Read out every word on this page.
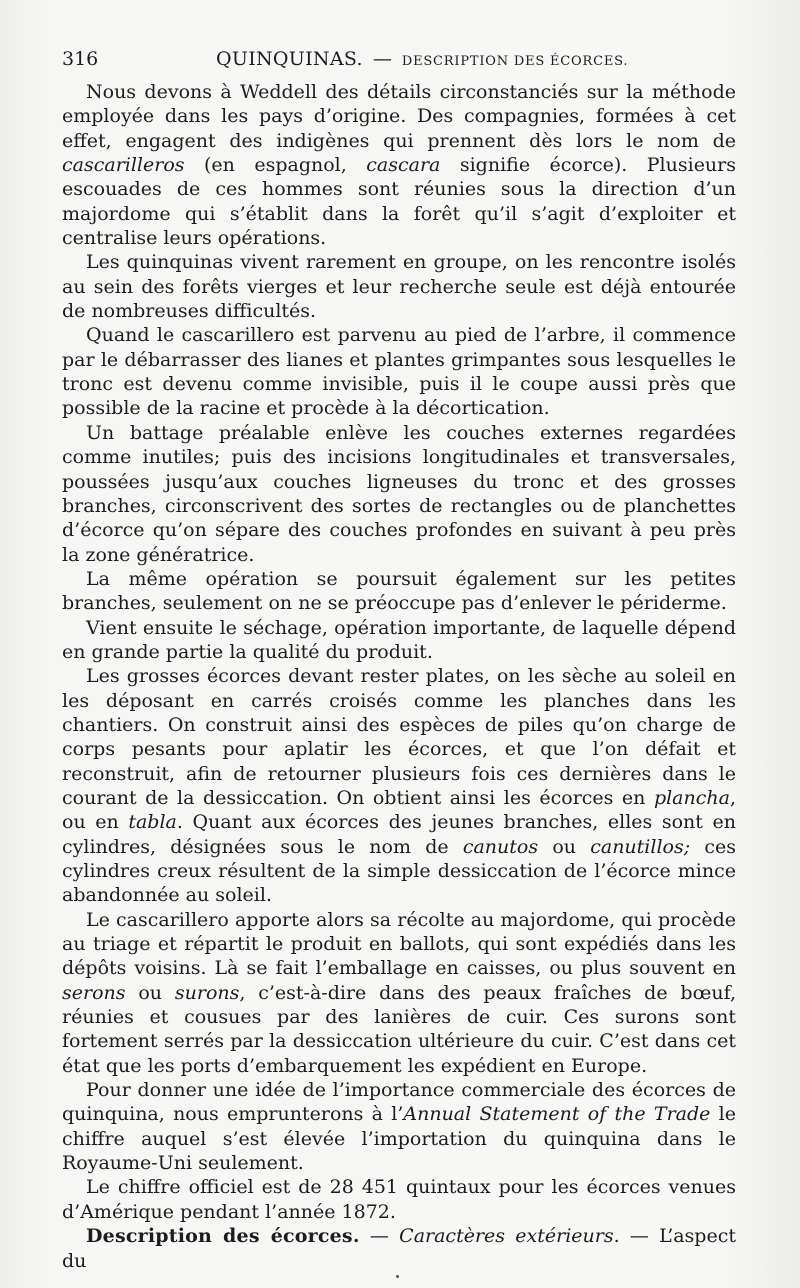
316	QUINQUINAS. — DESCRIPTION DES ÉCORCES.

Nous devons à Weddell des détails circonstanciés sur la méthode employée dans les pays d’origine. Des compagnies, formées à cet effet, engagent des indigènes qui prennent dès lors le nom de cascarilleros (en espagnol, cascara signifie écorce). Plusieurs escouades de ces hommes sont réunies sous la direction d’un majordome qui s’établit dans la forêt qu’il s’agit d’exploiter et centralise leurs opérations.

Les quinquinas vivent rarement en groupe, on les rencontre isolés au sein des forêts vierges et leur recherche seule est déjà entourée de nombreuses difficultés.

Quand le cascarillero est parvenu au pied de l’arbre, il commence par le débarrasser des lianes et plantes grimpantes sous lesquelles le tronc est devenu comme invisible, puis il le coupe aussi près que possible de la racine et procède à la décortication.

Un battage préalable enlève les couches externes regardées comme inutiles; puis des incisions longitudinales et transversales, poussées jusqu’aux couches ligneuses du tronc et des grosses branches, circonscrivent des sortes de rectangles ou de planchettes d’écorce qu’on sépare des couches profondes en suivant à peu près la zone génératrice.

La même opération se poursuit également sur les petites branches, seulement on ne se préoccupe pas d’enlever le périderme.

Vient ensuite le séchage, opération importante, de laquelle dépend en grande partie la qualité du produit.

Les grosses écorces devant rester plates, on les sèche au soleil en les déposant en carrés croisés comme les planches dans les chantiers. On construit ainsi des espèces de piles qu’on charge de corps pesants pour aplatir les écorces, et que l’on défait et reconstruit, afin de retourner plusieurs fois ces dernières dans le courant de la dessiccation. On obtient ainsi les écorces en plancha, ou en tabla. Quant aux écorces des jeunes branches, elles sont en cylindres, désignées sous le nom de canutos ou canutillos; ces cylindres creux résultent de la simple dessiccation de l’écorce mince abandonnée au soleil.

Le cascarillero apporte alors sa récolte au majordome, qui procède au triage et répartit le produit en ballots, qui sont expédiés dans les dépôts voisins. Là se fait l’emballage en caisses, ou plus souvent en serons ou surons, c’est-à-dire dans des peaux fraîches de bœuf, réunies et cousues par des lanières de cuir. Ces surons sont fortement serrés par la dessiccation ultérieure du cuir. C’est dans cet état que les ports d’embarquement les expédient en Europe.

Pour donner une idée de l’importance commerciale des écorces de quinquina, nous emprunterons à l’Annual Statement of the Trade le chiffre auquel s’est élevée l’importation du quinquina dans le Royaume-Uni seulement.

Le chiffre officiel est de 28 451 quintaux pour les écorces venues d’Amérique pendant l’année 1872.

Description des écorces. — Caractères extérieurs. — L’aspect du
